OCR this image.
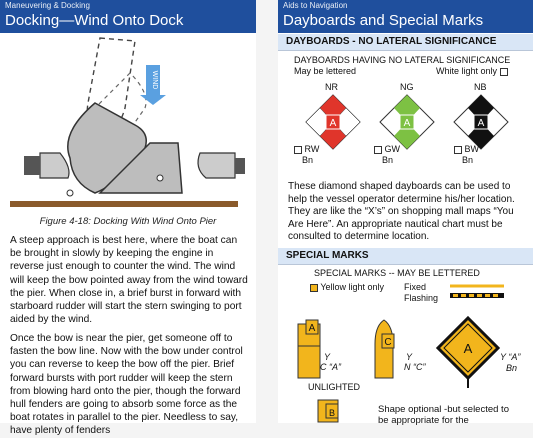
Maneuvering & Docking
Docking—Wind Onto Dock
WIND
Figure 4-18: Docking With Wind Onto Pier
A steep approach is best here, where the boat can be brought in slowly by keeping the engine in reverse just enough to counter the wind. The wind will keep the bow pointed away from the wind toward the pier. When close in, a brief burst in forward with starboard rudder will start the stern swinging to port aided by the wind.
Once the bow is near the pier, get someone off to fasten the bow line. Now with the bow under control you can reverse to keep the bow off the pier. Brief forward bursts with port rudder will keep the stern from blowing hard onto the pier, though the forward hull fenders are going to absorb some force as the boat rotates in parallel to the pier. Needless to say, have plenty of fenders
Aids to Navigation
Dayboards and Special Marks
DAYBOARDS - NO LATERAL SIGNIFICANCE
DAYBOARDS HAVING NO LATERAL SIGNIFICANCE
May be lettered	White light only
NR	NG	NB
A	A	A
RW
Bn
GW
Bn
BW
Bn
These diamond shaped dayboards can be used to help the vessel operator determine his/her location. They are like the “X’s” on shopping mall maps “You Are Here”. An appropriate nautical chart must be consulted to determine location.
SPECIAL MARKS
SPECIAL MARKS -- MAY BE LETTERED
Yellow light only Fixed
Flashing
A
C	A
Y
C “A”
Y
N “C”
Y “A”
Bn
UNLIGHTED
B	Shape optional -but selected to be appropriate for the
